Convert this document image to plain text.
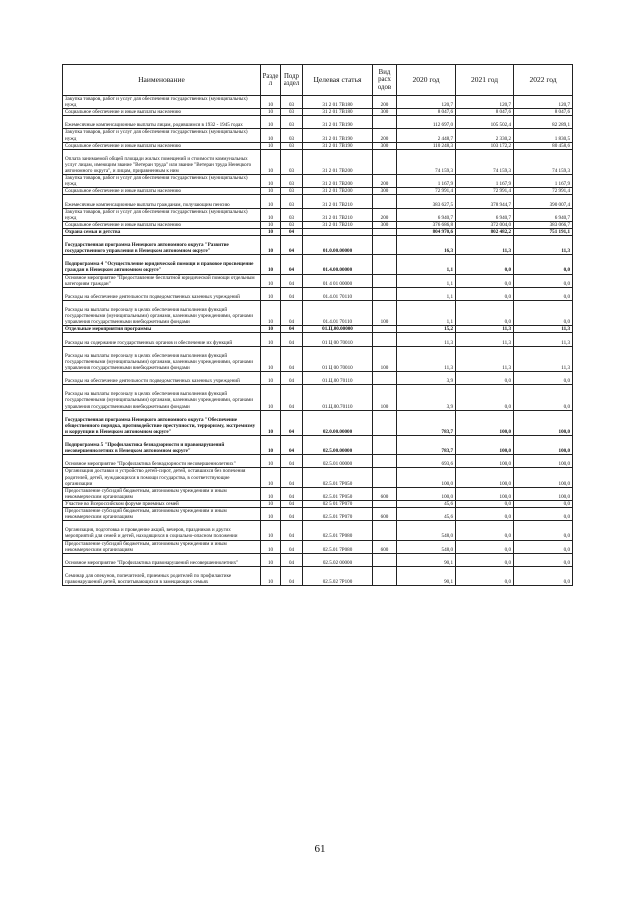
Наименование	Разде л	Подр аздел	Целевая статья	Вид расх одов	2020 год	2021 год	2022 год
Закупка товаров, работ и услуг для обеспечения государственных (муниципальных) нужд	10	03	31 2 01 7В180	200	120,7	120,7	120,7
Социальное обеспечение и иные выплаты населению	10	03	31 2 01 7В180	300	8 047,6	8 047,6	8 047,6
Ежемесячные компенсационные выплаты лицам, родившимся в 1932 - 1945 годах	10	03	31 2 01 7В190		112 697,0	105 502,4	82 289,1
Закупка товаров, работ и услуг для обеспечения государственных (муниципальных) нужд	10	03	31 2 01 7В190	200	2 448,7	2 330,2	1 830,5
Социальное обеспечение и иные выплаты населению	10	03	31 2 01 7В190	300	110 248,3	103 172,2	80 458,6
Оплата занимаемой общей площади жилых помещений и стоимости коммунальных услуг лицам, имеющим звание "Ветеран труда" или звание "Ветеран труда Ненецкого автономного округа", и лицам, приравненным к ним	10	03	31 2 01 7В200		74 159,3	74 159,3	74 159,3
Закупка товаров, работ и услуг для обеспечения государственных (муниципальных) нужд	10	03	31 2 01 7В200	200	1 167,9	1 167,9	1 167,9
Социальное обеспечение и иные выплаты населению	10	03	31 2 01 7В200	300	72 991,4	72 991,4	72 991,4
Ежемесячные компенсационные выплаты гражданам, получающим пенсию	10	03	31 2 01 7В210		383 627,5	378 944,7	390 007,4
Закупка товаров, работ и услуг для обеспечения государственных (муниципальных) нужд	10	03	31 2 01 7В210	200	6 940,7	6 940,7	6 940,7
Социальное обеспечение и иные выплаты населению	10	03	31 2 01 7В210	300	376 686,8	372 004,0	383 066,7
Охрана семьи и детства	10	04			804 970,6	802 482,2	751 191,1
Государственная программа Ненецкого автономного округа "Развитие государственного управления в Ненецком автономном округе"	10	04	01.0.00.00000		16,3	11,3	11,3
Подпрограмма 4 "Осуществление юридической помощи и правовое просвещение граждан в Ненецком автономном округе"	10	04	01.4.00.00000		1,1	0,0	0,0
Основное мероприятие "Предоставление бесплатной юридической помощи отдельным категориям граждан"	10	04	01 4 01 00000		1,1	0,0	0,0
Расходы на обеспечение деятельности подведомственных казенных учреждений	10	04	01.4.01 70110		1,1	0,0	0,0
Расходы на выплаты персоналу в целях обеспечения выполнения функций государственными (муниципальными) органами, казенными учреждениями, органами управления государственными внебюджетными фондами	10	04	01.4.01 70110	100	1,1	0,0	0,0
Отдельные мероприятия программы	10	04	01.Ц.00.00000		15,2	11,3	11,3
Расходы на содержание государственных органов и обеспечение их функций	10	04	01 Ц 00 70010		11,3	11,3	11,3
Расходы на выплаты персоналу в целях обеспечения выполнения функций государственными (муниципальными) органами, казенными учреждениями, органами управления государственными внебюджетными фондами	10	04	01 Ц 00 70010	100	11,3	11,3	11,3
Расходы на обеспечение деятельности подведомственных казенных учреждений	10	04	01.Ц.00 70110		3,9	0,0	0,0
Расходы на выплаты персоналу в целях обеспечения выполнения функций государственными (муниципальными) органами, казенными учреждениями, органами управления государственными внебюджетными фондами	10	04	01.Ц.00.70110	100	3,9	0,0	0,0
Государственная программа Ненецкого автономного округа "Обеспечение общественного порядка, противодействие преступности, терроризму, экстремизму и коррупции в Ненецком автономном округе"	10	04	02.0.00.00000		783,7	100,0	100,0
Подпрограмма 5 "Профилактика безнадзорности и правонарушений несовершеннолетних в Ненецком автономном округе"	10	04	02.5.00.00000		783,7	100,0	100,0
Основное мероприятие "Профилактика безнадзорности несовершеннолетних"	10	04	02.5.01 00000		693,6	100,0	100,0
Организация доставки и устройство детей-сирот, детей, оставшихся без попечения родителей, детей, нуждающихся в помощи государства, в соответствующие организации	10	04	02.5.01 7Р050		100,0	100,0	100,0
Предоставление субсидий бюджетным, автономным учреждениям и иным некоммерческим организациям	10	04	02.5.01 7Р050	600	100,0	100,0	100,0
Участие во Всероссийском форуме приемных семей	10	04	02 5 01 7Р070		45,6	0,0	0,0
Предоставление субсидий бюджетным, автономным учреждениям и иным некоммерческим организациям	10	04	02.5.01 7Р070	600	45,6	0,0	0,0
Организация, подготовка и проведение акций, вечеров, праздников и других мероприятий для семей и детей, находящихся в социально-опасном положении	10	04	02.5.01 7Р080		548,0	0,0	0,0
Предоставление субсидий бюджетным, автономным учреждениям и иным некоммерческим организациям	10	04	02.5.01 7Р080	600	548,0	0,0	0,0
Основное мероприятие "Профилактика правонарушений несовершеннолетних"	10	04	02.5.02 00000		90,1	0,0	0,0
Семинар для опекунов, попечителей, приемных родителей по профилактике правонарушений детей, воспитывающихся в замещающих семьях	10	04	02.5.02 7Р100		90,1	0,0	0,0
61
